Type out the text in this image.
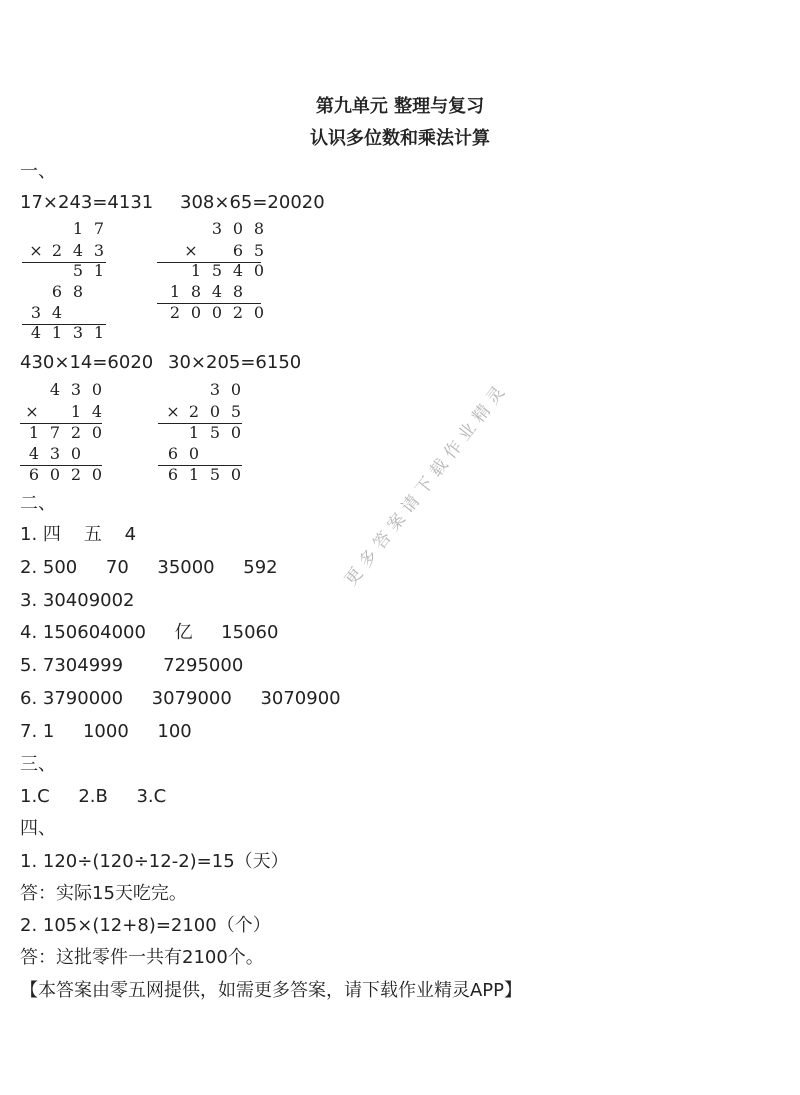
第九单元 整理与复习
认识多位数和乘法计算
一、
17×243=4131 308×65=20020
1 7
× 2 4 3
5 1
6 8
3 4
4 1 3 1
3 0 8
×	6 5
1 5 4 0
1 8 4 8
2 0 0 2 0
430×14=6020 30×205=6150
4 3 0
×	1 4
1 7 2 0
4 3 0
6 0 2 0
3 0
× 2 0 5
1 5 0
6 0
6 1 5 0
二、
1. 四    五    4
2. 500     70     35000     592
3. 30409002
4. 150604000     亿     15060
5. 7304999       7295000
6. 3790000     3079000     3070900
7. 1     1000     100
三、
1.C     2.B     3.C
四、
1. 120÷(120÷12-2)=15（天）
答：实际15天吃完。
2. 105×(12+8)=2100（个）
答：这批零件一共有2100个。
【本答案由零五网提供，如需更多答案，请下载作业精灵APP】
更多答案请下载作业精灵
